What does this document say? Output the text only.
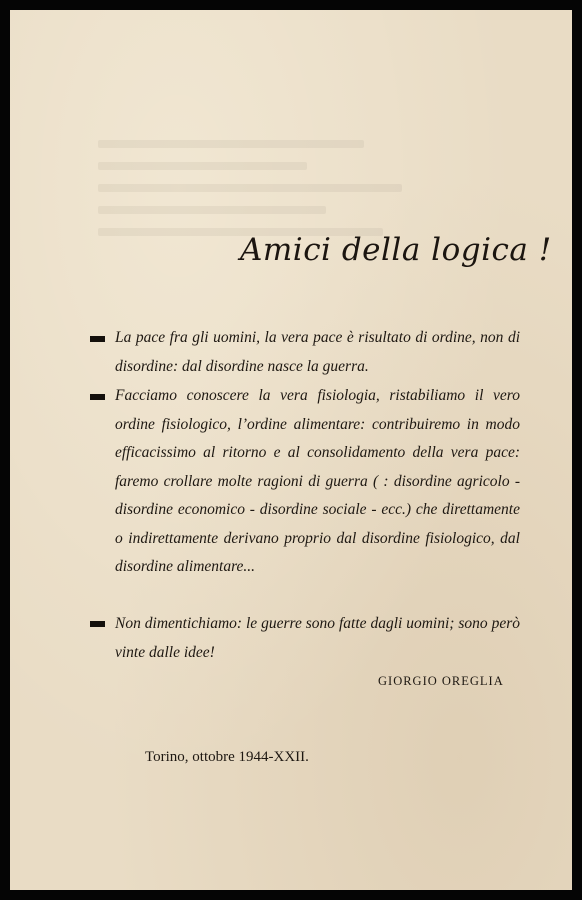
Amici della logica !
La pace fra gli uomini, la vera pace è risultato di ordine, non di disordine: dal disordine nasce la guerra.
Facciamo conoscere la vera fisiologia, ristabiliamo il vero ordine fisiologico, l’ordine alimentare: contribuiremo in modo efficacissimo al ritorno e al consolidamento della vera pace: faremo crollare molte ragioni di guerra ( : disordine agricolo - disordine economico - disordine sociale - ecc.) che direttamente o indirettamente derivano proprio dal disordine fisiologico, dal disordine alimentare...
Non dimentichiamo: le guerre sono fatte dagli uomini; sono però vinte dalle idee!
GIORGIO OREGLIA
Torino, ottobre 1944-XXII.
